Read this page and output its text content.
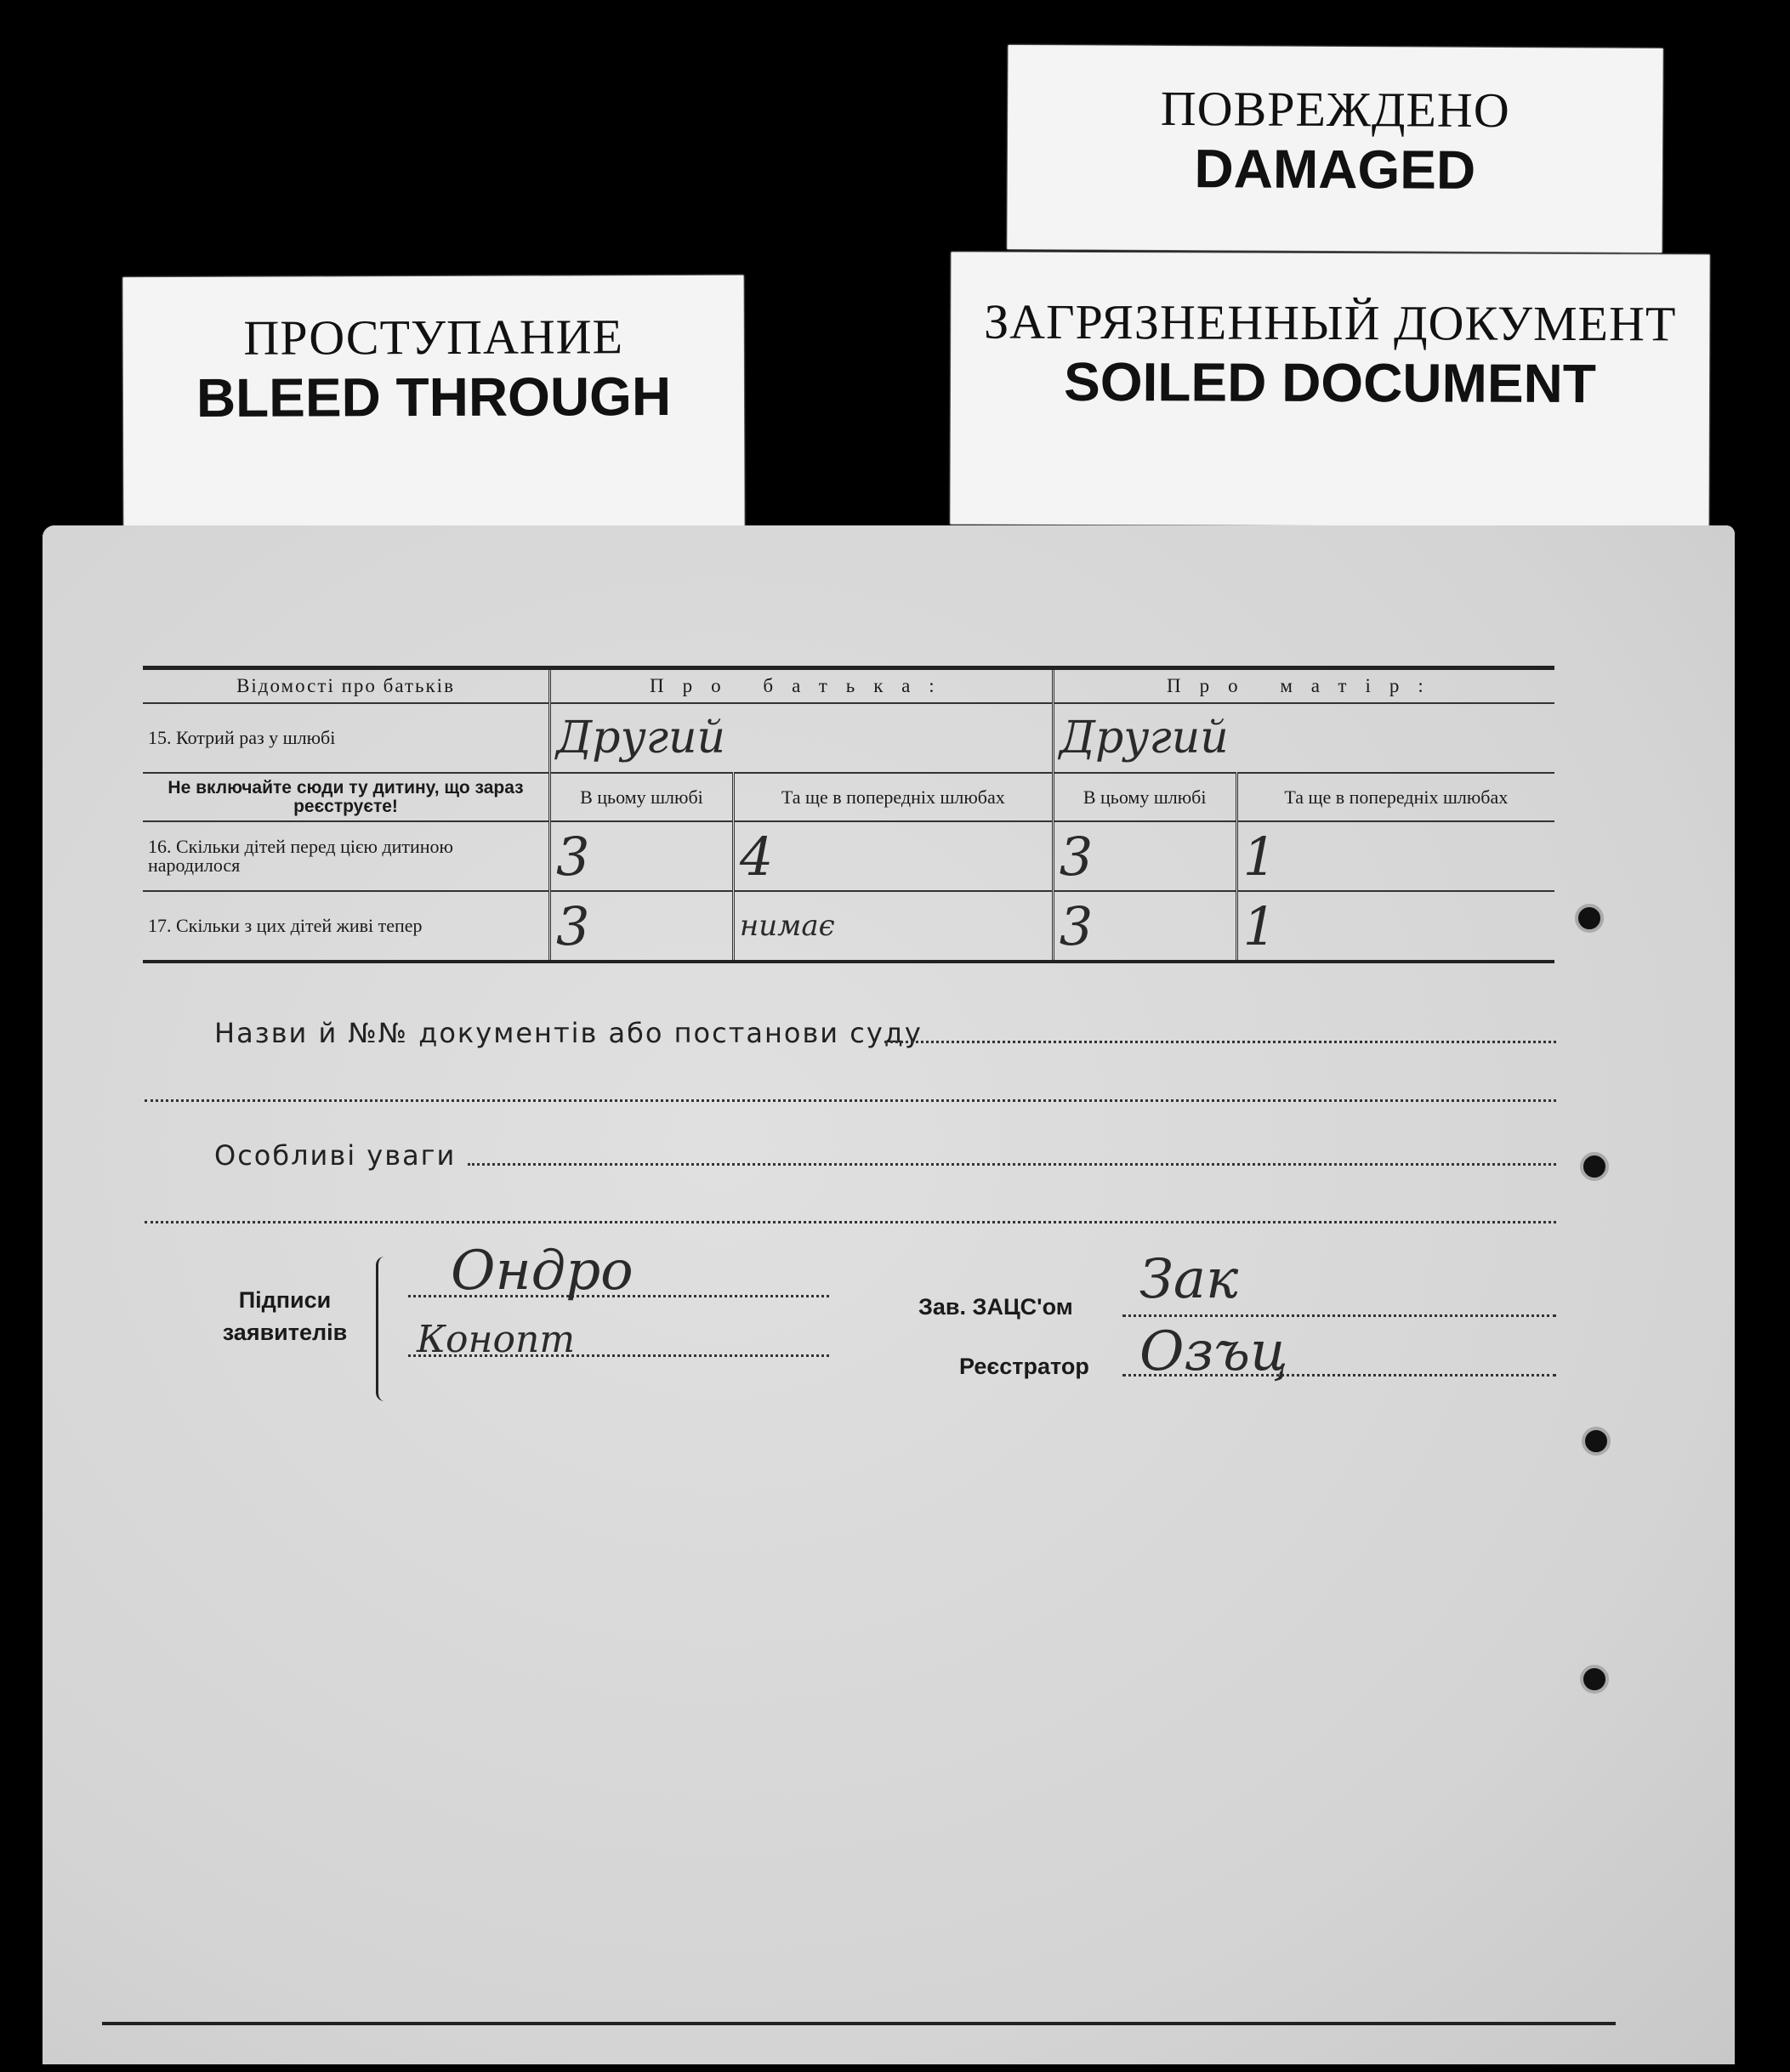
ПОВРЕЖДЕНО
DAMAGED
ПРОСТУПАНИЕ
BLEED THROUGH
ЗАГРЯЗНЕННЫЙ ДОКУМЕНТ
SOILED DOCUMENT
Відомості про батьків	Про батька:		Про матір:	
15. Котрий раз у шлюбі	Другий		Другий	
Не включайте сюди ту дитину, що зараз реєструєте!	В цьому шлюбі	Та ще в попередніх шлюбах	В цьому шлюбі	Та ще в попередніх шлюбах
16. Скільки дітей перед цією дитиною народилося	3	4	3	1
17. Скільки з цих дітей живі тепер	3	нимає	3	1
Назви й №№ документів або постанови суду
Особливі уваги
Підписи заявителів
Ондро
Конопт
Зав. ЗАЦС'ом Зак
Реєстратор Озъц
